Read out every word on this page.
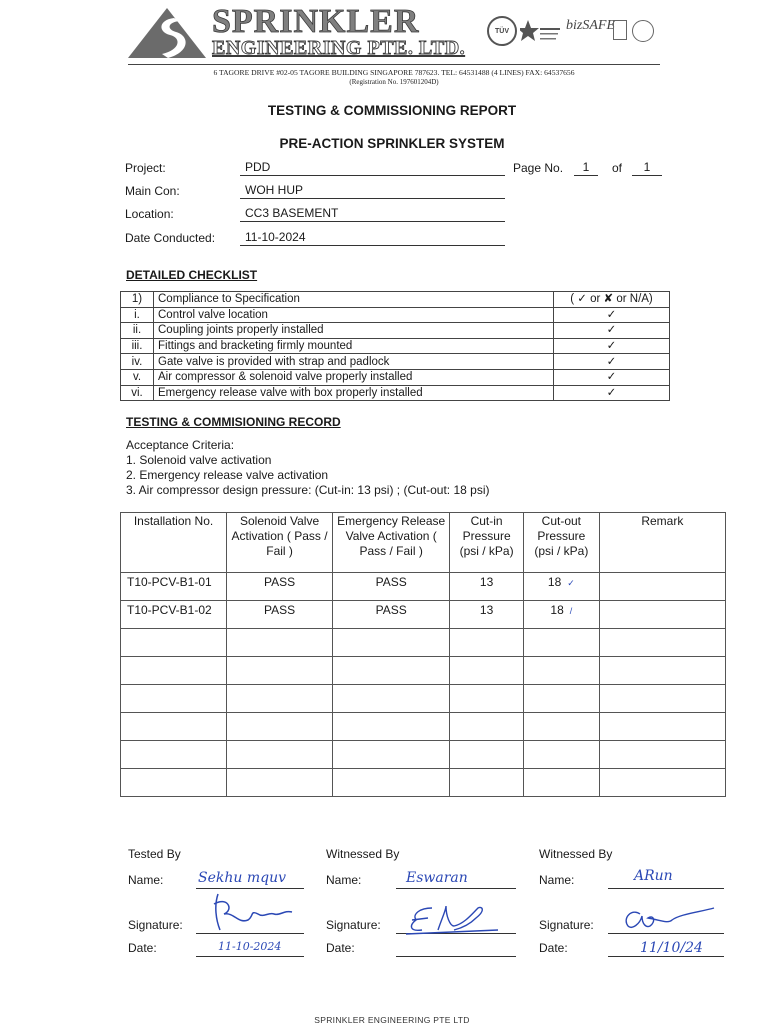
SPRINKLER
ENGINEERING PTE. LTD.
TÜV	bizSAFE
6 TAGORE DRIVE #02-05 TAGORE BUILDING SINGAPORE 787623. TEL: 64531488 (4 LINES) FAX: 64537656
(Registration No. 197601204D)
TESTING & COMMISSIONING REPORT
PRE-ACTION SPRINKLER SYSTEM
Project:	PDD	Page No.	1	of	1
Main Con:	WOH HUP
Location:	CC3 BASEMENT
Date Conducted:	11-10-2024
DETAILED CHECKLIST
1)	Compliance to Specification	( ✓ or ✘ or N/A)
i.	Control valve location	✓
ii.	Coupling joints properly installed	✓
iii.	Fittings and bracketing firmly mounted	✓
iv.	Gate valve is provided with strap and padlock	✓
v.	Air compressor & solenoid valve properly installed	✓
vi.	Emergency release valve with box properly installed	✓
TESTING & COMMISIONING RECORD
Acceptance Criteria:
1. Solenoid valve activation
2. Emergency release valve activation
3. Air compressor design pressure: (Cut-in: 13 psi) ; (Cut-out: 18 psi)
Installation No.	Solenoid Valve Activation ( Pass / Fail )	Emergency Release Valve Activation ( Pass / Fail )	Cut-in Pressure (psi / kPa)	Cut-out Pressure (psi / kPa)	Remark
T10-PCV-B1-01	PASS	PASS	13	18 ✓	
T10-PCV-B1-02	PASS	PASS	13	18 /	

Tested By
Name: Sekhu mquv
Signature:
Date:	11-10-2024
Witnessed By
Name:	Eswaran
Signature:
Date:
Witnessed By
Name:	ARun
Signature:
Date:	11/10/24
SPRINKLER ENGINEERING PTE LTD
